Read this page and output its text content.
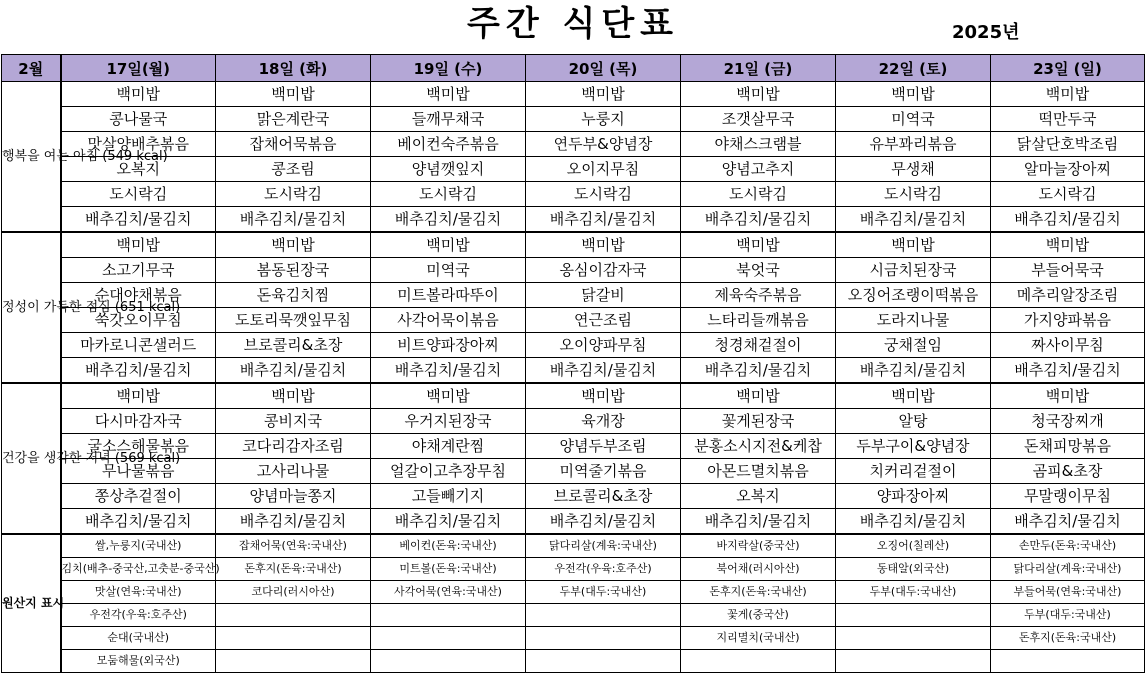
주간 식단표	2025년
2월	17일(월)	18일 (화)	19일 (수)	20일 (목)	21일 (금)	22일 (토)	23일 (일)
행복을 여는 아침 (549 kcal)	백미밥	백미밥	백미밥	백미밥	백미밥	백미밥	백미밥
	콩나물국	맑은계란국	들깨무채국	누룽지	조갯살무국	미역국	떡만두국
	맛살양배추볶음	잡채어묵볶음	베이컨숙주볶음	연두부&양념장	야채스크램블	유부꽈리볶음	닭살단호박조림
	오복지	콩조림	양념깻잎지	오이지무침	양념고추지	무생채	알마늘장아찌
	도시락김	도시락김	도시락김	도시락김	도시락김	도시락김	도시락김
	배추김치/물김치	배추김치/물김치	배추김치/물김치	배추김치/물김치	배추김치/물김치	배추김치/물김치	배추김치/물김치
정성이 가득한 점심 (651 kcal)	백미밥	백미밥	백미밥	백미밥	백미밥	백미밥	백미밥
	소고기무국	봄동된장국	미역국	옹심이감자국	북엇국	시금치된장국	부들어묵국
	순대야채볶음	돈육김치찜	미트볼라따뚜이	닭갈비	제육숙주볶음	오징어조랭이떡볶음	메추리알장조림
	쑥갓오이무침	도토리묵깻잎무침	사각어묵이볶음	연근조림	느타리들깨볶음	도라지나물	가지양파볶음
	마카로니콘샐러드	브로콜리&초장	비트양파장아찌	오이양파무침	청경채겉절이	궁채절임	짜사이무침
	배추김치/물김치	배추김치/물김치	배추김치/물김치	배추김치/물김치	배추김치/물김치	배추김치/물김치	배추김치/물김치
건강을 생각한 저녁 (569 kcal)	백미밥	백미밥	백미밥	백미밥	백미밥	백미밥	백미밥
	다시마감자국	콩비지국	우거지된장국	육개장	꽃게된장국	알탕	청국장찌개
	굴소스해물볶음	코다리감자조림	야채계란찜	양념두부조림	분홍소시지전&케찹	두부구이&양념장	돈채피망볶음
	무나물볶음	고사리나물	얼갈이고추장무침	미역줄기볶음	아몬드멸치볶음	치커리겉절이	곰피&초장
	쫑상추겉절이	양념마늘쫑지	고들빼기지	브로콜리&초장	오복지	양파장아찌	무말랭이무침
	배추김치/물김치	배추김치/물김치	배추김치/물김치	배추김치/물김치	배추김치/물김치	배추김치/물김치	배추김치/물김치
원산지 표시	쌀,누룽지(국내산)	잡채어묵(연육:국내산)	베이컨(돈육:국내산)	닭다리살(계육:국내산)	바지락살(중국산)	오징어(칠레산)	손만두(돈육:국내산)
	김치(배추-중국산,고춧분-중국산)	돈후지(돈육:국내산)	미트볼(돈육:국내산)	우전각(우육:호주산)	북어채(러시아산)	동태알(외국산)	닭다리살(계육:국내산)
	맛살(연육:국내산)	코다리(러시아산)	사각어묵(연육:국내산)	두부(대두:국내산)	돈후지(돈육:국내산)	두부(대두:국내산)	부들어묵(연육:국내산)
	우전각(우육:호주산)				꽃게(중국산)		두부(대두:국내산)
	순대(국내산)				지리멸치(국내산)		돈후지(돈육:국내산)
	모둠해물(외국산)						
